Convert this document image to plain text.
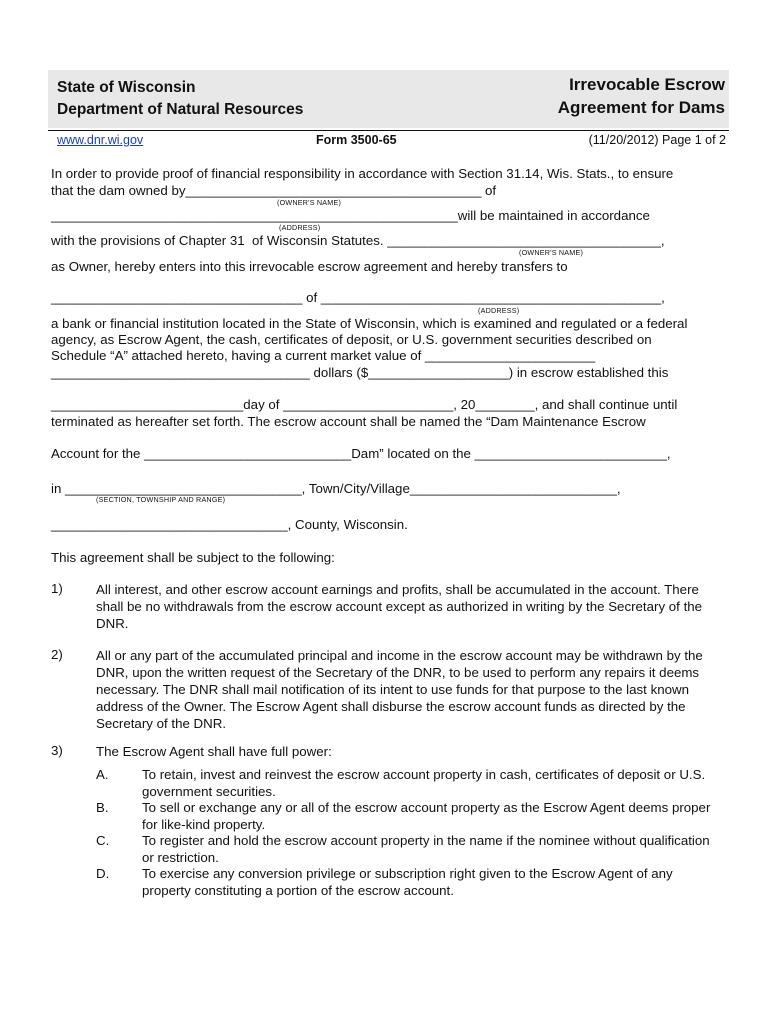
State of Wisconsin
Department of Natural Resources
Irrevocable Escrow
Agreement for Dams
www.dnr.wi.gov	Form 3500-65	(11/20/2012) Page 1 of 2
In order to provide proof of financial responsibility in accordance with Section 31.14, Wis. Stats., to ensure
that the dam owned by________________________________________ of
(OWNER'S NAME)
_______________________________________________________will be maintained in accordance
(ADDRESS)
with the provisions of Chapter 31  of Wisconsin Statutes. _____________________________________,
(OWNER'S NAME)
as Owner, hereby enters into this irrevocable escrow agreement and hereby transfers to
__________________________________ of ______________________________________________,
(ADDRESS)
a bank or financial institution located in the State of Wisconsin, which is examined and regulated or a federal
agency, as Escrow Agent, the cash, certificates of deposit, or U.S. government securities described on
Schedule “A” attached hereto, having a current market value of _______________________
___________________________________ dollars ($___________________) in escrow established this
__________________________day of _______________________, 20________, and shall continue until
terminated as hereafter set forth. The escrow account shall be named the “Dam Maintenance Escrow
Account for the ____________________________Dam” located on the __________________________,
in ________________________________, Town/City/Village____________________________,
(SECTION, TOWNSHIP AND RANGE)
________________________________, County, Wisconsin.
This agreement shall be subject to the following:
1) All interest, and other escrow account earnings and profits, shall be accumulated in the account. There shall be no withdrawals from the escrow account except as authorized in writing by the Secretary of the DNR.
2) All or any part of the accumulated principal and income in the escrow account may be withdrawn by the DNR, upon the written request of the Secretary of the DNR, to be used to perform any repairs it deems necessary. The DNR shall mail notification of its intent to use funds for that purpose to the last known address of the Owner. The Escrow Agent shall disburse the escrow account funds as directed by the Secretary of the DNR.
3) The Escrow Agent shall have full power:
A.	To retain, invest and reinvest the escrow account property in cash, certificates of deposit or U.S. government securities.
B.	To sell or exchange any or all of the escrow account property as the Escrow Agent deems proper for like-kind property.
C. To register and hold the escrow account property in the name if the nominee without qualification or restriction.
D. To exercise any conversion privilege or subscription right given to the Escrow Agent of any property constituting a portion of the escrow account.
